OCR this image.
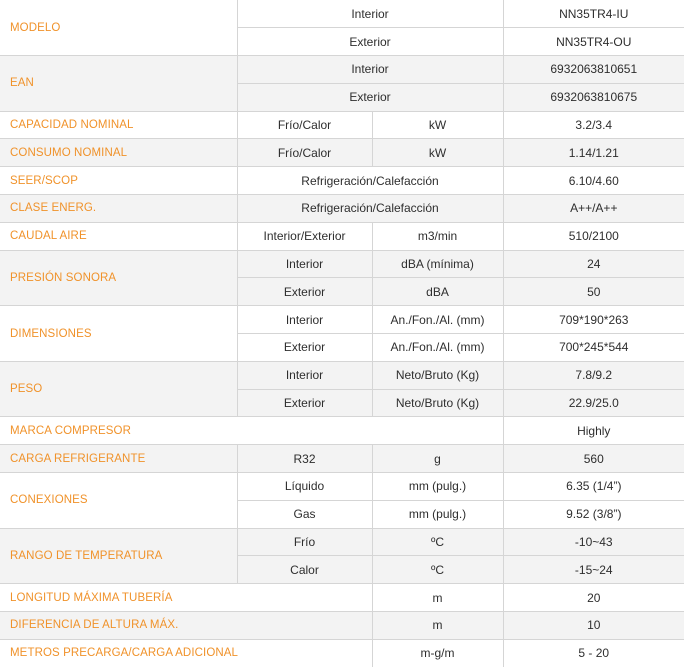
MODELO	Interior		NN35TR4-IU
	Exterior		NN35TR4-OU
EAN	Interior		6932063810651
	Exterior		6932063810675
CAPACIDAD NOMINAL	Frío/Calor	kW	3.2/3.4
CONSUMO NOMINAL	Frío/Calor	kW	1.14/1.21
SEER/SCOP	Refrigeración/Calefacción		6.10/4.60
CLASE ENERG.	Refrigeración/Calefacción		A++/A++
CAUDAL AIRE	Interior/Exterior	m3/min	510/2100
PRESIÓN SONORA	Interior	dBA (mínima)	24
	Exterior	dBA	50
DIMENSIONES	Interior	An./Fon./Al. (mm)	709*190*263
	Exterior	An./Fon./Al. (mm)	700*245*544
PESO	Interior	Neto/Bruto (Kg)	7.8/9.2
	Exterior	Neto/Bruto (Kg)	22.9/25.0
MARCA COMPRESOR			Highly
CARGA REFRIGERANTE	R32	g	560
CONEXIONES	Líquido	mm (pulg.)	6.35 (1/4”)
	Gas	mm (pulg.)	9.52 (3/8”)
RANGO DE TEMPERATURA	Frío	ºC	-10~43
	Calor	ºC	-15~24
LONGITUD MÁXIMA TUBERÍA		m	20
DIFERENCIA DE ALTURA MÁX.		m	10
METROS PRECARGA/CARGA ADICIONAL		m-g/m	5 - 20
